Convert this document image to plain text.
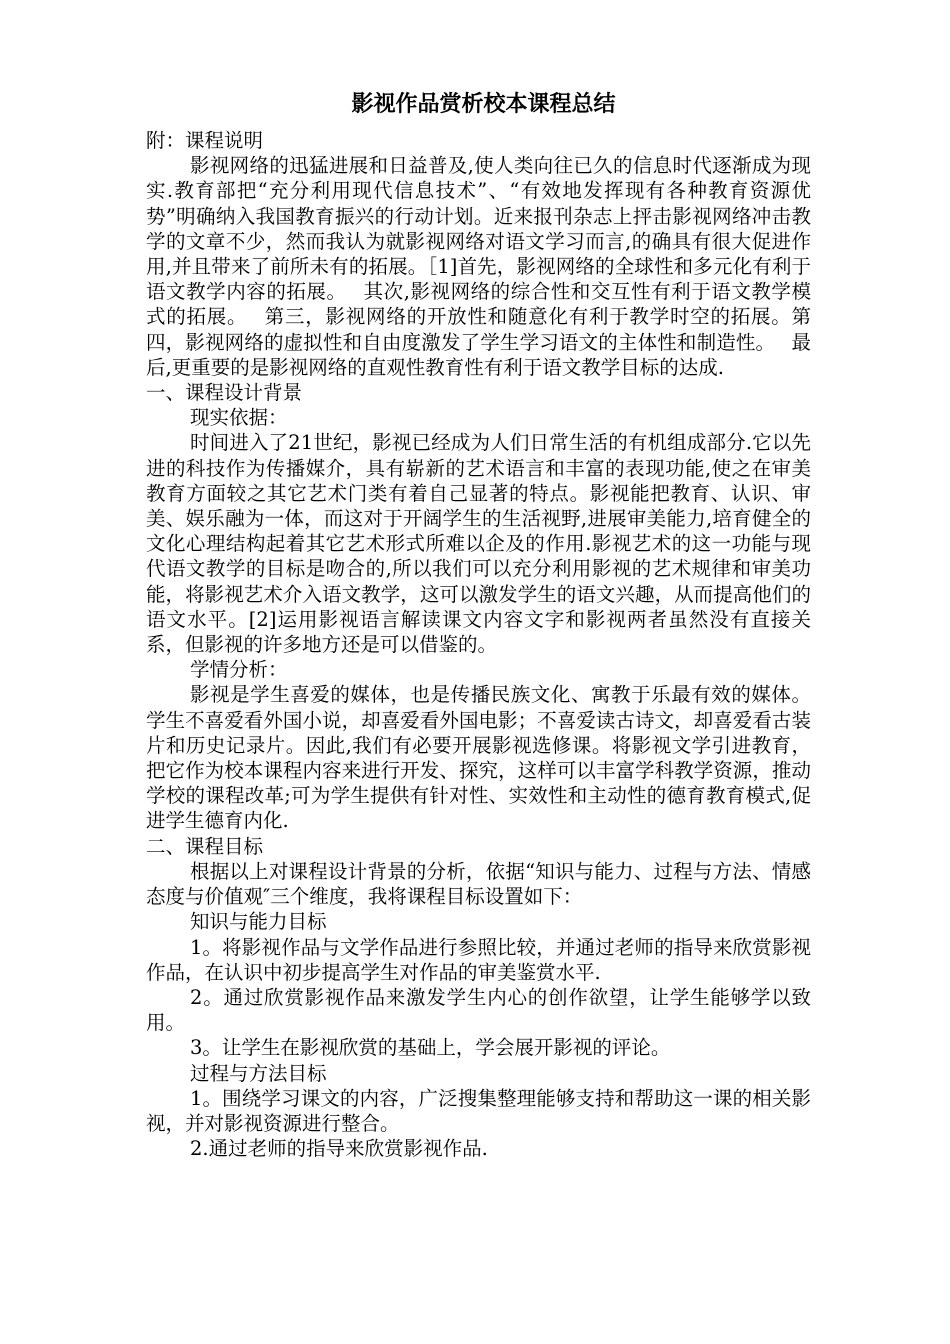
影视作品赏析校本课程总结

附：课程说明

影视网络的迅猛进展和日益普及,使人类向往已久的信息时代逐渐成为现实.教育部把“充分利用现代信息技术”、“有效地发挥现有各种教育资源优势”明确纳入我国教育振兴的行动计划。近来报刊杂志上抨击影视网络冲击教学的文章不少，然而我认为就影视网络对语文学习而言,的确具有很大促进作用,并且带来了前所未有的拓展。［1]首先，影视网络的全球性和多元化有利于语文教学内容的拓展。　 其次,影视网络的综合性和交互性有利于语文教学模式的拓展。　 第三，影视网络的开放性和随意化有利于教学时空的拓展。第四，影视网络的虚拟性和自由度激发了学生学习语文的主体性和制造性。　 最后,更重要的是影视网络的直观性教育性有利于语文教学目标的达成.

一、课程设计背景

现实依据：

时间进入了21世纪，影视已经成为人们日常生活的有机组成部分.它以先进的科技作为传播媒介，具有崭新的艺术语言和丰富的表现功能,使之在审美教育方面较之其它艺术门类有着自己显著的特点。影视能把教育、认识、审美、娱乐融为一体，而这对于开阔学生的生活视野,进展审美能力,培育健全的文化心理结构起着其它艺术形式所难以企及的作用.影视艺术的这一功能与现代语文教学的目标是吻合的,所以我们可以充分利用影视的艺术规律和审美功能，将影视艺术介入语文教学，这可以激发学生的语文兴趣，从而提高他们的语文水平。[2]运用影视语言解读课文内容文字和影视两者虽然没有直接关系，但影视的许多地方还是可以借鉴的。

学情分析：

影视是学生喜爱的媒体，也是传播民族文化、寓教于乐最有效的媒体。学生不喜爱看外国小说，却喜爱看外国电影；不喜爱读古诗文，却喜爱看古装片和历史记录片。因此,我们有必要开展影视选修课。将影视文学引进教育，把它作为校本课程内容来进行开发、探究，这样可以丰富学科教学资源，推动学校的课程改革;可为学生提供有针对性、实效性和主动性的德育教育模式,促进学生德育内化.

二、课程目标

根据以上对课程设计背景的分析，依据“知识与能力、过程与方法、情感态度与价值观″三个维度，我将课程目标设置如下：

知识与能力目标

1。将影视作品与文学作品进行参照比较，并通过老师的指导来欣赏影视作品，在认识中初步提高学生对作品的审美鉴赏水平.

2。通过欣赏影视作品来激发学生内心的创作欲望，让学生能够学以致用。

3。让学生在影视欣赏的基础上，学会展开影视的评论。

过程与方法目标

1。围绕学习课文的内容，广泛搜集整理能够支持和帮助这一课的相关影视，并对影视资源进行整合。

2.通过老师的指导来欣赏影视作品.
